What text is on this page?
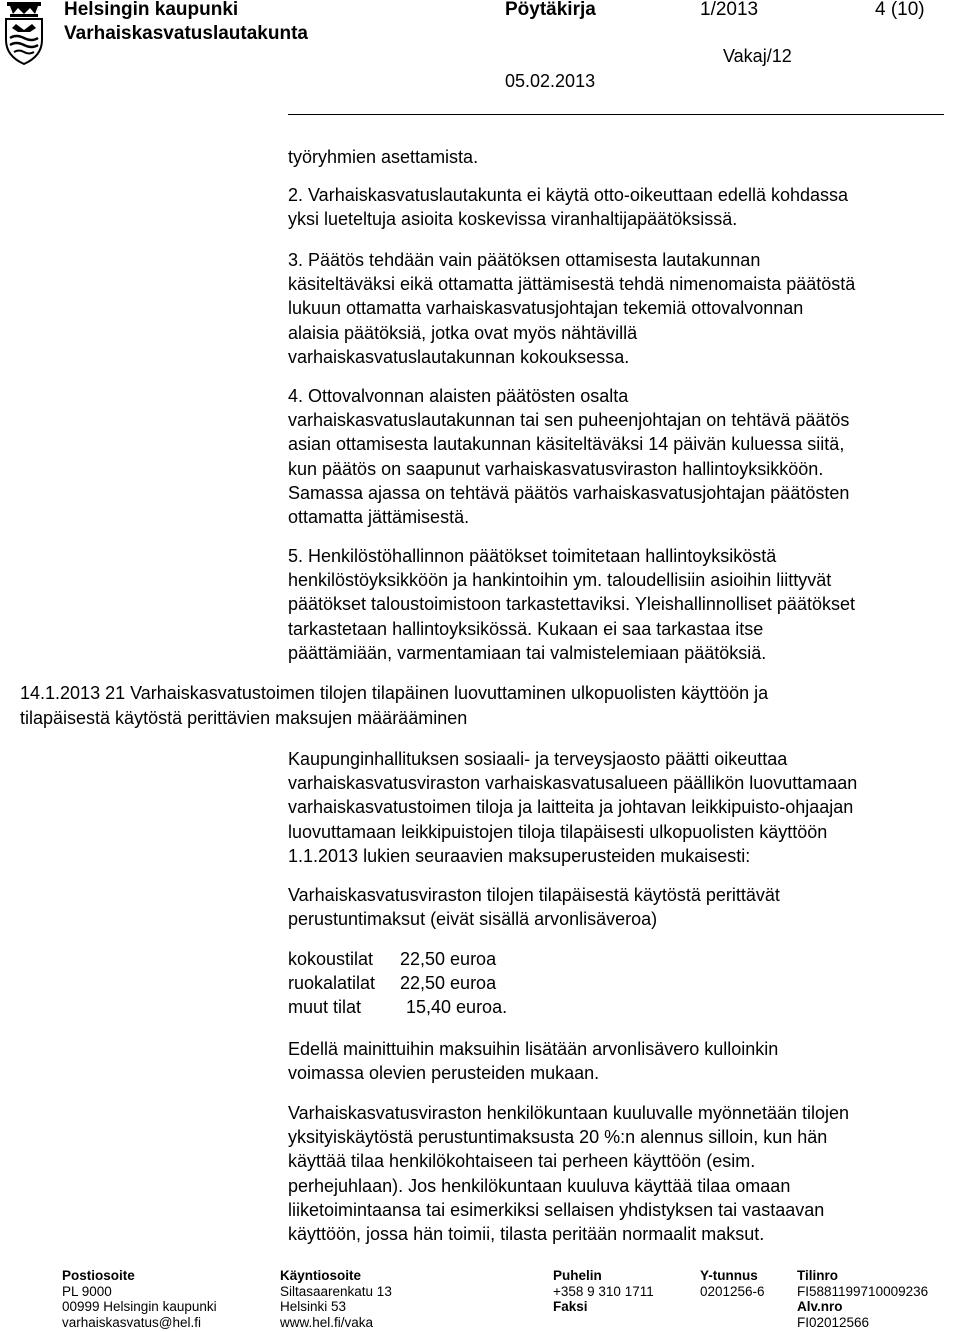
Helsingin kaupunki
Varhaiskasvatuslautakunta
Pöytäkirja	1/2013	4 (10)
Vakaj/12
05.02.2013
työryhmien asettamista.
2. Varhaiskasvatuslautakunta ei käytä otto-oikeuttaan edellä kohdassa
yksi lueteltuja asioita koskevissa viranhaltijapäätöksissä.
3. Päätös tehdään vain päätöksen ottamisesta lautakunnan
käsiteltäväksi eikä ottamatta jättämisestä tehdä nimenomaista päätöstä
lukuun ottamatta varhaiskasvatusjohtajan tekemiä ottovalvonnan
alaisia päätöksiä, jotka ovat myös nähtävillä
varhaiskasvatuslautakunnan kokouksessa.
4. Ottovalvonnan alaisten päätösten osalta
varhaiskasvatuslautakunnan tai sen puheenjohtajan on tehtävä päätös
asian ottamisesta lautakunnan käsiteltäväksi 14 päivän kuluessa siitä,
kun päätös on saapunut varhaiskasvatusviraston hallintoyksikköön.
Samassa ajassa on tehtävä päätös varhaiskasvatusjohtajan päätösten
ottamatta jättämisestä.
5. Henkilöstöhallinnon päätökset toimitetaan hallintoyksiköstä
henkilöstöyksikköön ja hankintoihin ym. taloudellisiin asioihin liittyvät
päätökset taloustoimistoon tarkastettaviksi. Yleishallinnolliset päätökset
tarkastetaan hallintoyksikössä. Kukaan ei saa tarkastaa itse
päättämiään, varmentamiaan tai valmistelemiaan päätöksiä.
14.1.2013 21 Varhaiskasvatustoimen tilojen tilapäinen luovuttaminen ulkopuolisten käyttöön ja
tilapäisestä käytöstä perittävien maksujen määrääminen
Kaupunginhallituksen sosiaali- ja terveysjaosto päätti oikeuttaa
varhaiskasvatusviraston varhaiskasvatusalueen päällikön luovuttamaan
varhaiskasvatustoimen tiloja ja laitteita ja johtavan leikkipuisto-ohjaajan
luovuttamaan leikkipuistojen tiloja tilapäisesti ulkopuolisten käyttöön
1.1.2013 lukien seuraavien maksuperusteiden mukaisesti:
Varhaiskasvatusviraston tilojen tilapäisestä käytöstä perittävät
perustuntimaksut (eivät sisällä arvonlisäveroa)
kokoustilat 22,50 euroa
ruokalatilat 22,50 euroa
muut tilat 15,40 euroa.
Edellä mainittuihin maksuihin lisätään arvonlisävero kulloinkin
voimassa olevien perusteiden mukaan.
Varhaiskasvatusviraston henkilökuntaan kuuluvalle myönnetään tilojen
yksityiskäytöstä perustuntimaksusta 20 %:n alennus silloin, kun hän
käyttää tilaa henkilökohtaiseen tai perheen käyttöön (esim.
perhejuhlaan). Jos henkilökuntaan kuuluva käyttää tilaa omaan
liiketoimintaansa tai esimerkiksi sellaisen yhdistyksen tai vastaavan
käyttöön, jossa hän toimii, tilasta peritään normaalit maksut.
Postiosoite
PL 9000
00999 Helsingin kaupunki
varhaiskasvatus@hel.fi
Käyntiosoite
Siltasaarenkatu 13
Helsinki 53
www.hel.fi/vaka
Puhelin
+358 9 310 1711
Faksi
Y-tunnus
0201256-6
Tilinro
FI5881199710009236
Alv.nro
FI02012566
